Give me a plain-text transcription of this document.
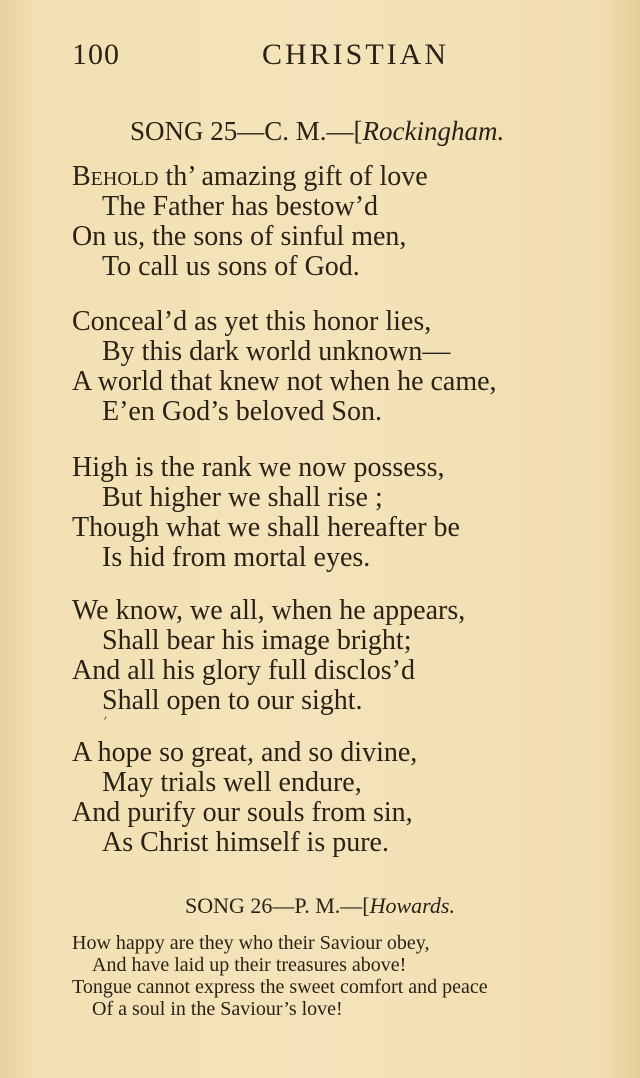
100	CHRISTIAN
SONG 25—C. M.—[Rockingham.
Behold th’ amazing gift of love
The Father has bestow’d
On us, the sons of sinful men,
To call us sons of God.
Conceal’d as yet this honor lies,
By this dark world unknown—
A world that knew not when he came,
E’en God’s beloved Son.
High is the rank we now possess,
But higher we shall rise ;
Though what we shall hereafter be
Is hid from mortal eyes.
We know, we all, when he appears,
Shall bear his image bright;
And all his glory full disclos’d
Shall open to our sight.
’
A hope so great, and so divine,
May trials well endure,
And purify our souls from sin,
As Christ himself is pure.
SONG 26—P. M.—[Howards.
How happy are they who their Saviour obey,
And have laid up their treasures above!
Tongue cannot express the sweet comfort and peace
Of a soul in the Saviour’s love!
